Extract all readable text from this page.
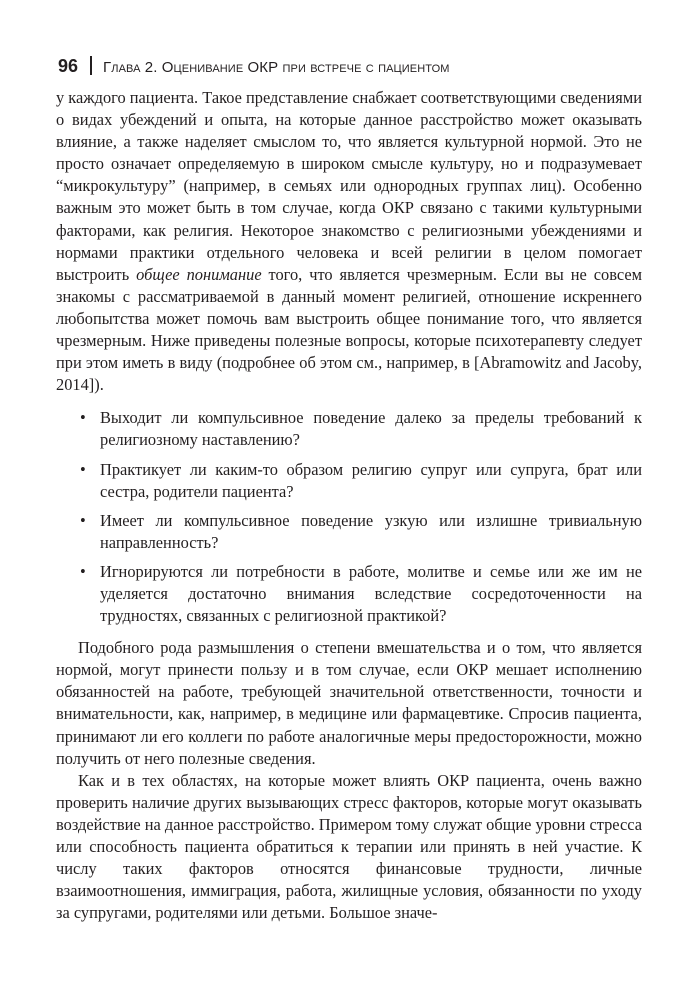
96 Глава 2. Оценивание ОКР при встрече с пациентом

у каждого пациента. Такое представление снабжает соответствующими сведениями о видах убеждений и опыта, на которые данное расстройство может оказывать влияние, а также наделяет смыслом то, что является культурной нормой. Это не просто означает определяемую в широком смысле культуру, но и подразумевает “микрокультуру” (например, в семьях или однородных группах лиц). Особенно важным это может быть в том случае, когда ОКР связано с такими культурными факторами, как религия. Некоторое знакомство с религиозными убеждениями и нормами практики отдельного человека и всей религии в целом помогает выстроить общее понимание того, что является чрезмерным. Если вы не совсем знакомы с рассматриваемой в данный момент религией, отношение искреннего любопытства может помочь вам выстроить общее понимание того, что является чрезмерным. Ниже приведены полезные вопросы, которые психотерапевту следует при этом иметь в виду (подробнее об этом см., например, в [Abramowitz and Jacoby, 2014]).

• Выходит ли компульсивное поведение далеко за пределы требований к религиозному наставлению?
• Практикует ли каким-то образом религию супруг или супруга, брат или сестра, родители пациента?
• Имеет ли компульсивное поведение узкую или излишне тривиальную направленность?
• Игнорируются ли потребности в работе, молитве и семье или же им не уделяется достаточно внимания вследствие сосредоточенности на трудностях, связанных с религиозной практикой?

Подобного рода размышления о степени вмешательства и о том, что является нормой, могут принести пользу и в том случае, если ОКР мешает исполнению обязанностей на работе, требующей значительной ответственности, точности и внимательности, как, например, в медицине или фармацевтике. Спросив пациента, принимают ли его коллеги по работе аналогичные меры предосторожности, можно получить от него полезные сведения.

Как и в тех областях, на которые может влиять ОКР пациента, очень важно проверить наличие других вызывающих стресс факторов, которые могут оказывать воздействие на данное расстройство. Примером тому служат общие уровни стресса или способность пациента обратиться к терапии или принять в ней участие. К числу таких факторов относятся финансовые трудности, личные взаимоотношения, иммиграция, работа, жилищные условия, обязанности по уходу за супругами, родителями или детьми. Большое значе-
